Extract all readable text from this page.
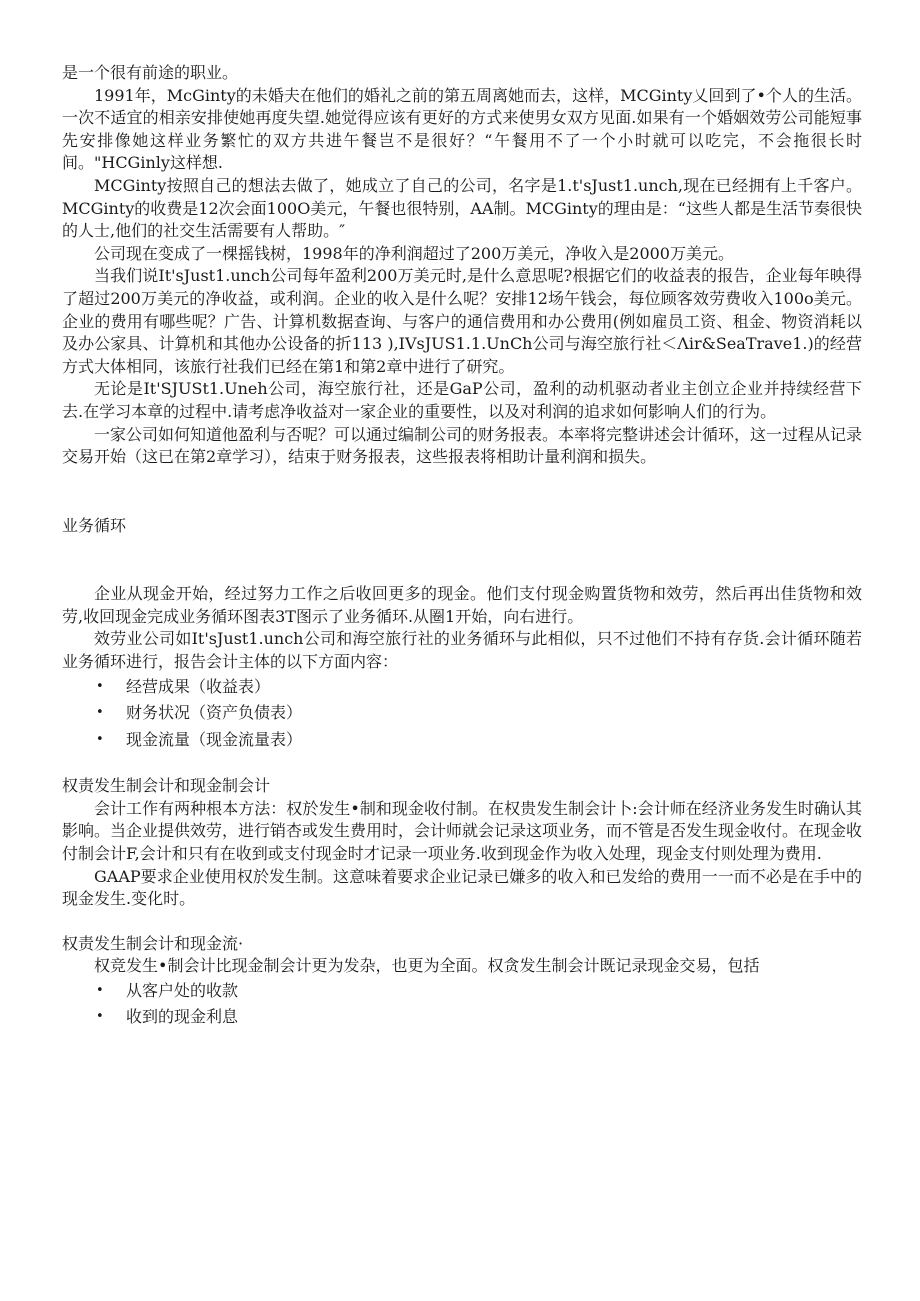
是一个很有前途的职业。

1991年，McGinty的未婚夫在他们的婚礼之前的第五周离她而去，这样，MCGinty乂回到了•个人的生活。一次不适宜的相亲安排使她再度失望.她觉得应该有更好的方式来使男女双方见面.如果有一个婚姻效劳公司能短事先安排像她这样业务繁忙的双方共进午餐岂不是很好？“午餐用不了一个小时就可以吃完，不会拖很长时间。"HCGinly这样想.

MCGinty按照自己的想法去做了，她成立了自己的公司，名字是1.t'sJust1.unch,现在已经拥有上千客户。MCGinty的收费是12次会面100O美元，午餐也很特别，AA制。MCGinty的理由是：“这些人都是生活节奏很快的人士,他们的社交生活需要有人帮助。″

公司现在变成了一棵摇钱树，1998年的净利润超过了200万美元，净收入是2000万美元。

当我们说It'sJust1.unch公司每年盈利200万美元时,是什么意思呢?根据它们的收益表的报告，企业每年映得了超过200万美元的净收益，或利润。企业的收入是什么呢？安排12场午钱会，每位顾客效劳费收入100o美元。企业的费用有哪些呢？广告、计算机数据查询、与客户的通信费用和办公费用(例如雇员工资、租金、物资消耗以及办公家具、计算机和其他办公设备的折113 ),IVsJUS1.1.UnCh公司与海空旅行社＜Λir&SeaTrave1.)的经营方式大体相同，该旅行社我们已经在第1和第2章中进行了研究。

无论是It'SJUSt1.Uneh公司，海空旅行社，还是GaP公司，盈利的动机驱动者业主创立企业并持续经营下去.在学习本章的过程中.请考虑净收益对一家企业的重要性，以及对利润的追求如何影响人们的行为。

一家公司如何知道他盈利与否呢？可以通过编制公司的财务报表。本率将完整讲述会计循环，这一过程从记录交易开始（这已在第2章学习），结束于财务报表，这些报表将相助计量利润和损失。

业务循环

企业从现金开始，经过努力工作之后收回更多的现金。他们支付现金购置货物和效劳，然后再出佳货物和效劳,收回现金完成业务循环图表3T图示了业务循环.从圈1开始，向右进行。

效劳业公司如It'sJust1.unch公司和海空旅行社的业务循环与此相似，只不过他们不持有存货.会计循环随若业务循环进行，报告会计主体的以下方面内容：

• 经营成果（收益表）
• 财务状况（资产负债表）
• 现金流量（现金流量表）
权责发生制会计和现金制会计

会计工作有两种根本方法：权於发生•制和现金收付制。在权贵发生制会计卜:会计师在经济业务发生时确认其影响。当企业提供效劳，进行销杏或发生费用时，会计师就会记录这项业务，而不管是否发生现金收付。在现金收付制会计F,会计和只有在收到或支付现金时才记录一项业务.收到现金作为收入处理，现金支付则处理为费用.

GAAP要求企业使用权於发生制。这意味着要求企业记录已嫌多的收入和已发给的费用一一而不必是在手中的现金发生.变化时。

权责发生制会计和现金流·

权竞发生•制会计比现金制会计更为发杂，也更为全面。权贪发生制会计既记录现金交易，包括

• 从客户处的收款
• 收到的现金利息
